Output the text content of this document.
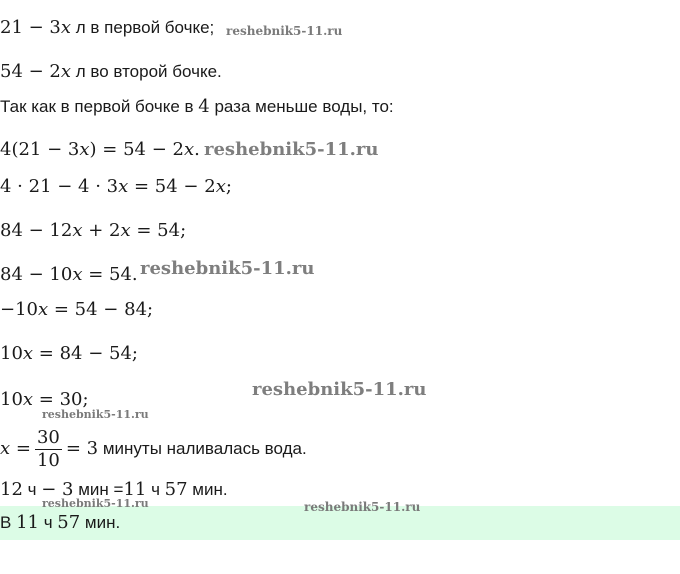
21 − 3x л в первой бочке; reshebnik5-11.ru
54 − 2x л во второй бочке.
Так как в первой бочке в 4 раза меньше воды, то:
4(21 − 3x) = 54 − 2x. reshebnik5-11.ru
4 · 21 − 4 · 3x = 54 − 2x;
84 − 12x + 2x = 54;
84 − 10x = 54. reshebnik5-11.ru
−10x = 54 − 84;
10x = 84 − 54;
10x = 30;	reshebnik5-11.ru
reshebnik5-11.ru
$x = \frac{30}{10} = 3$ минуты наливалась вода.
12 ч − 3 мин =11 ч 57 мин.
В 11 ч 57 мин.
reshebnik5-11.ru	reshebnik5-11.ru
